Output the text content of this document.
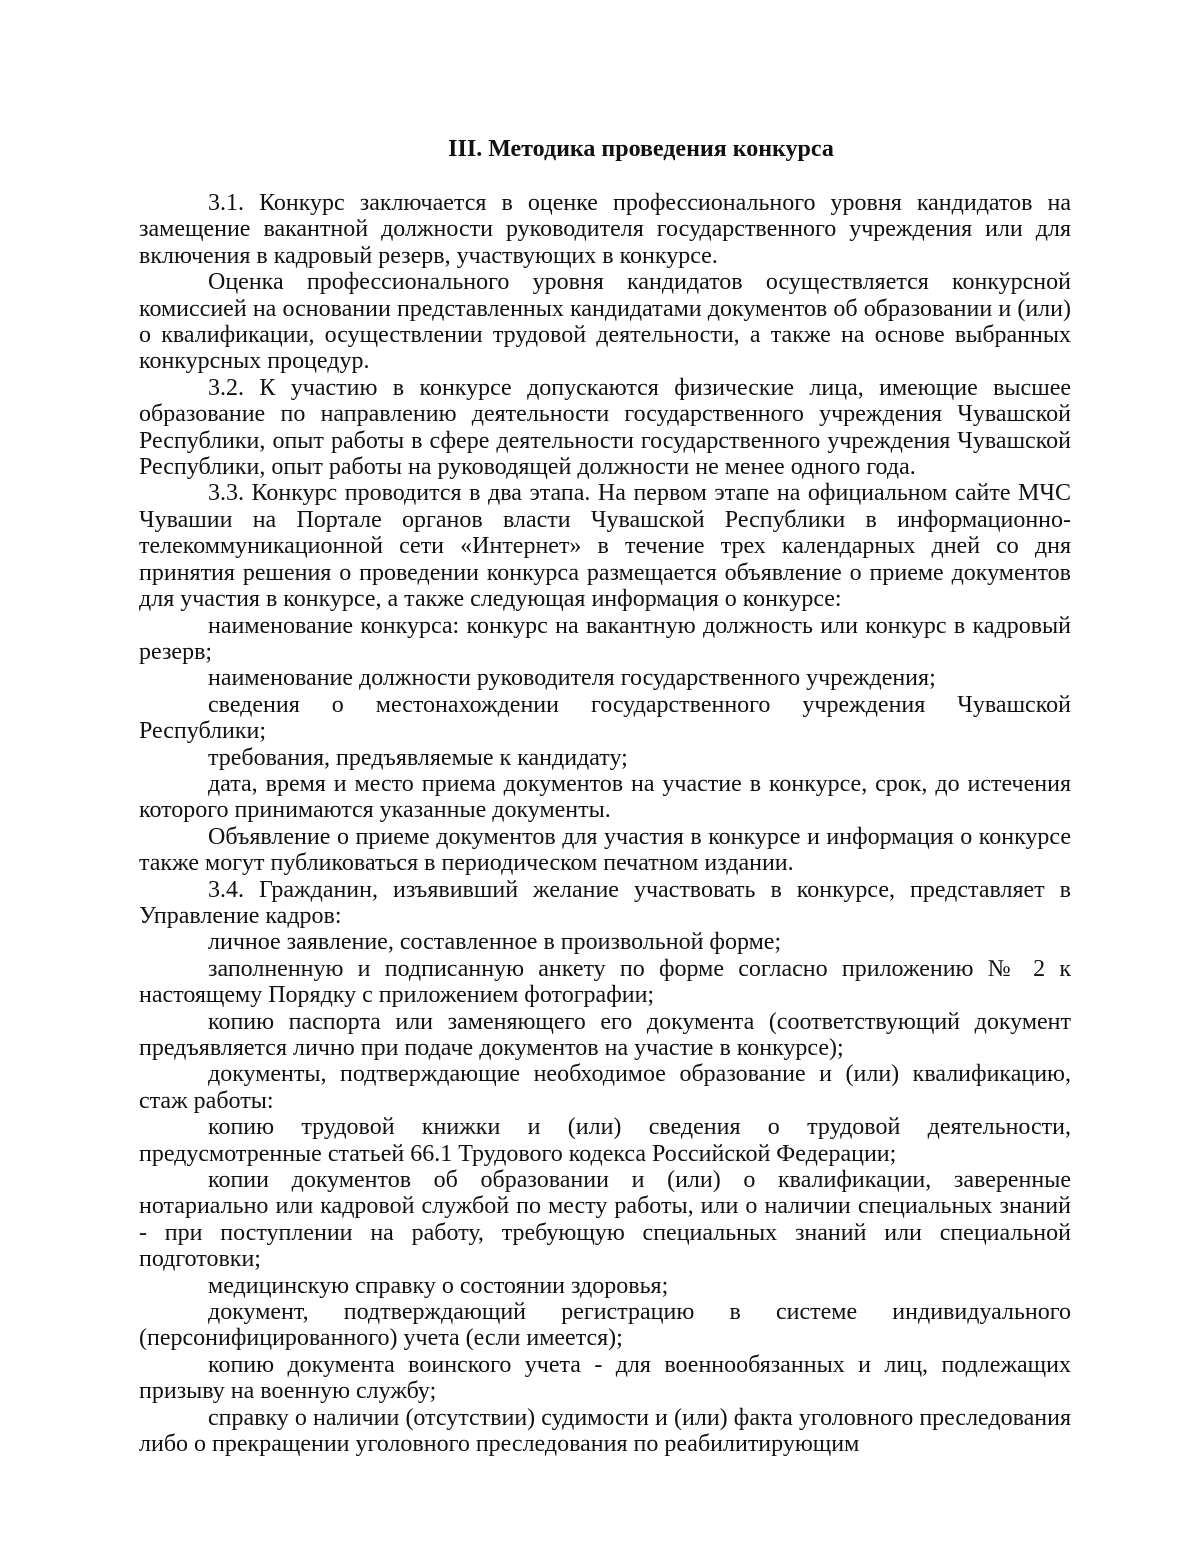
III. Методика проведения конкурса

3.1. Конкурс заключается в оценке профессионального уровня кандидатов на замещение вакантной должности руководителя государственного учреждения или для включения в кадровый резерв, участвующих в конкурсе.

Оценка профессионального уровня кандидатов осуществляется конкурсной комиссией на основании представленных кандидатами документов об образовании и (или) о квалификации, осуществлении трудовой деятельности, а также на основе выбранных конкурсных процедур.

3.2. К участию в конкурсе допускаются физические лица, имеющие высшее образование по направлению деятельности государственного учреждения Чувашской Республики, опыт работы в сфере деятельности государственного учреждения Чувашской Республики, опыт работы на руководящей должности не менее одного года.

3.3. Конкурс проводится в два этапа. На первом этапе на официальном сайте МЧС Чувашии на Портале органов власти Чувашской Республики в информационно-телекоммуникационной сети «Интернет» в течение трех календарных дней со дня принятия решения о проведении конкурса размещается объявление о приеме документов для участия в конкурсе, а также следующая информация о конкурсе:

наименование конкурса: конкурс на вакантную должность или конкурс в кадровый резерв;

наименование должности руководителя государственного учреждения;

сведения о местонахождении государственного учреждения Чувашской Республики;

требования, предъявляемые к кандидату;

дата, время и место приема документов на участие в конкурсе, срок, до истечения которого принимаются указанные документы.

Объявление о приеме документов для участия в конкурсе и информация о конкурсе также могут публиковаться в периодическом печатном издании.

3.4. Гражданин, изъявивший желание участвовать в конкурсе, представляет в Управление кадров:

личное заявление, составленное в произвольной форме;

заполненную и подписанную анкету по форме согласно приложению № 2 к настоящему Порядку с приложением фотографии;

копию паспорта или заменяющего его документа (соответствующий документ предъявляется лично при подаче документов на участие в конкурсе);

документы, подтверждающие необходимое образование и (или) квалификацию, стаж работы:

копию трудовой книжки и (или) сведения о трудовой деятельности, предусмотренные статьей 66.1 Трудового кодекса Российской Федерации;

копии документов об образовании и (или) о квалификации, заверенные нотариально или кадровой службой по месту работы, или о наличии специальных знаний - при поступлении на работу, требующую специальных знаний или специальной подготовки;

медицинскую справку о состоянии здоровья;

документ, подтверждающий регистрацию в системе индивидуального (персонифицированного) учета (если имеется);

копию документа воинского учета - для военнообязанных и лиц, подлежащих призыву на военную службу;

справку о наличии (отсутствии) судимости и (или) факта уголовного преследования либо о прекращении уголовного преследования по реабилитирующим
